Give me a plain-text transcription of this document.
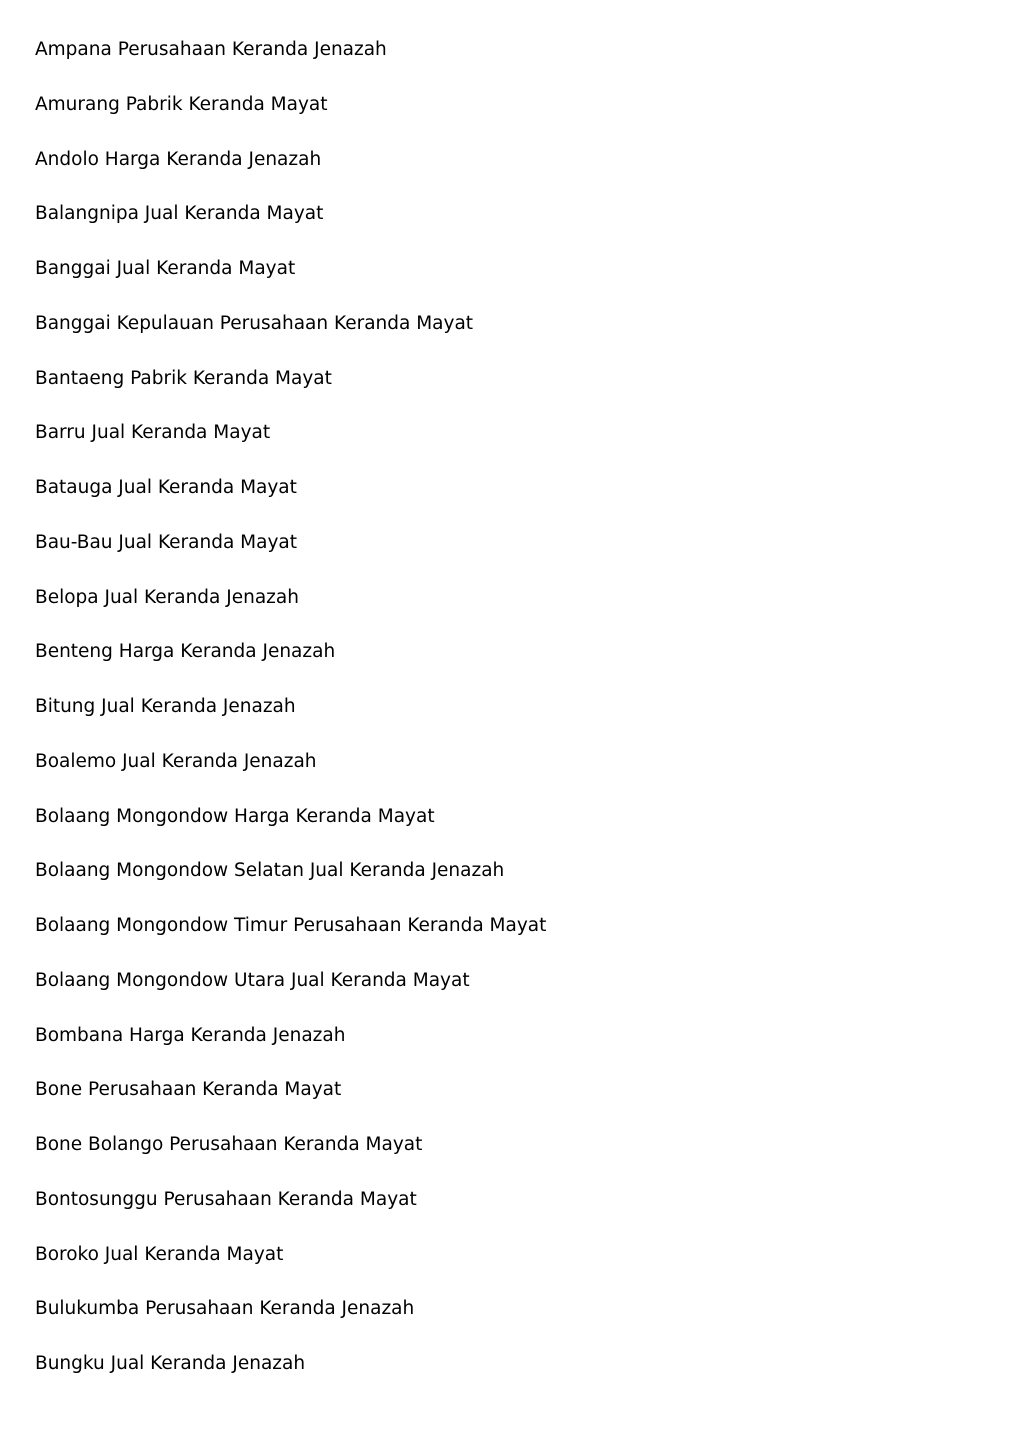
Ampana Perusahaan Keranda Jenazah
Amurang Pabrik Keranda Mayat
Andolo Harga Keranda Jenazah
Balangnipa Jual Keranda Mayat
Banggai Jual Keranda Mayat
Banggai Kepulauan Perusahaan Keranda Mayat
Bantaeng Pabrik Keranda Mayat
Barru Jual Keranda Mayat
Batauga Jual Keranda Mayat
Bau-Bau Jual Keranda Mayat
Belopa Jual Keranda Jenazah
Benteng Harga Keranda Jenazah
Bitung Jual Keranda Jenazah
Boalemo Jual Keranda Jenazah
Bolaang Mongondow Harga Keranda Mayat
Bolaang Mongondow Selatan Jual Keranda Jenazah
Bolaang Mongondow Timur Perusahaan Keranda Mayat
Bolaang Mongondow Utara Jual Keranda Mayat
Bombana Harga Keranda Jenazah
Bone Perusahaan Keranda Mayat
Bone Bolango Perusahaan Keranda Mayat
Bontosunggu Perusahaan Keranda Mayat
Boroko Jual Keranda Mayat
Bulukumba Perusahaan Keranda Jenazah
Bungku Jual Keranda Jenazah
